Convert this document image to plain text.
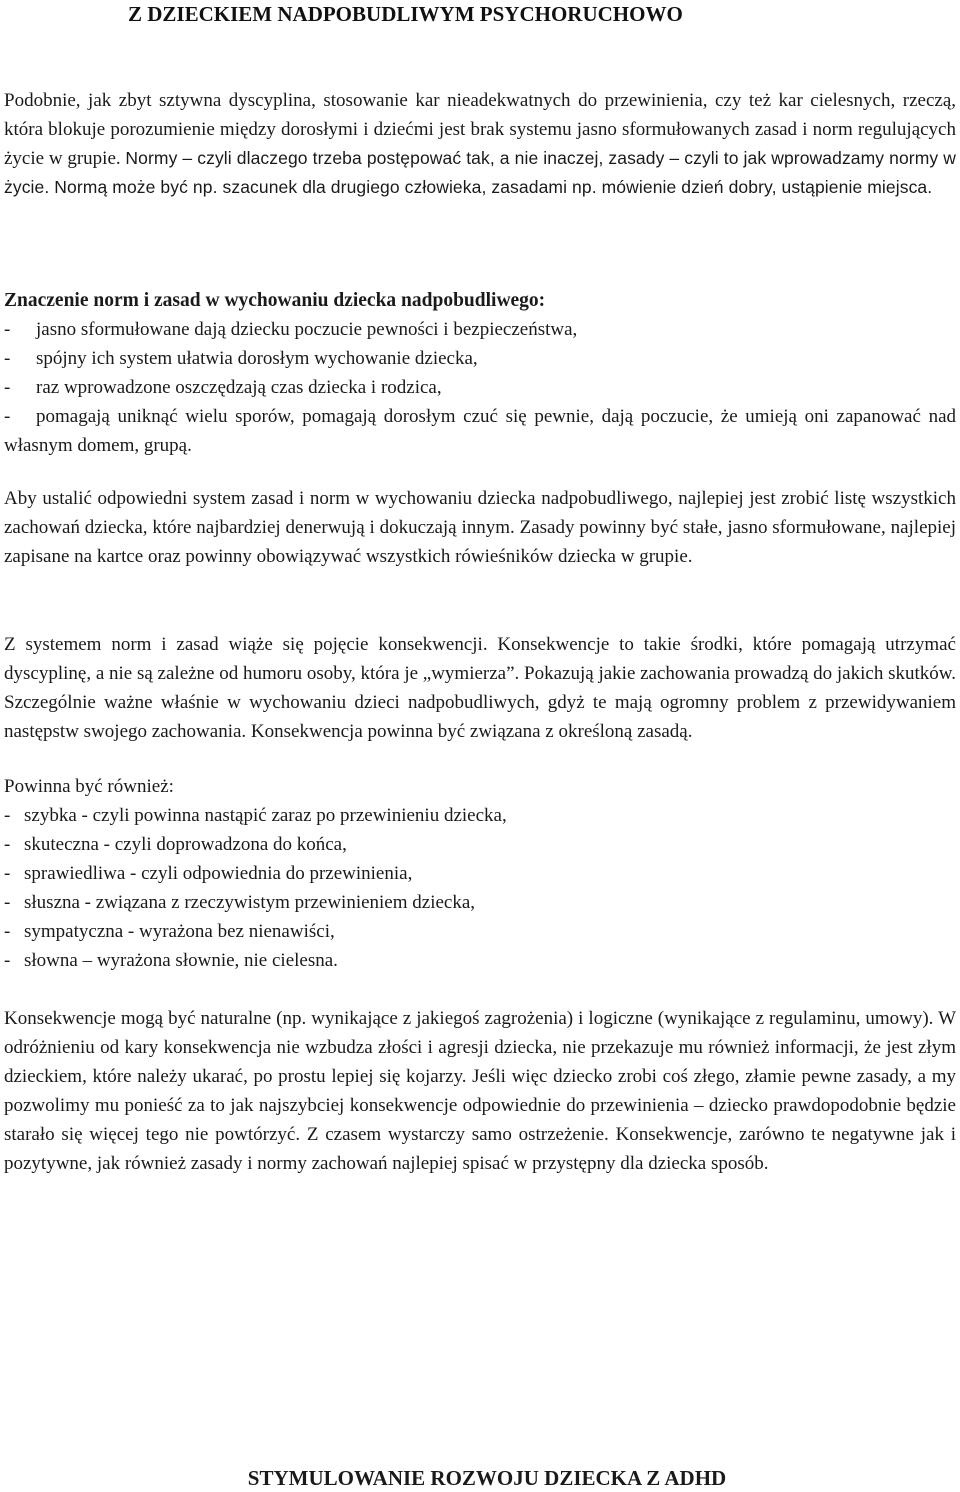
Z DZIECKIEM NADPOBUDLIWYM PSYCHORUCHOWO

Podobnie, jak zbyt sztywna dyscyplina, stosowanie kar nieadekwatnych do przewinienia, czy też kar cielesnych, rzeczą, która blokuje porozumienie między dorosłymi i dziećmi jest brak systemu jasno sformułowanych zasad i norm regulujących życie w grupie. Normy – czyli dlaczego trzeba postępować tak, a nie inaczej, zasady – czyli to jak wprowadzamy normy w życie. Normą może być np. szacunek dla drugiego człowieka, zasadami np. mówienie dzień dobry, ustąpienie miejsca.

Znaczenie norm i zasad w wychowaniu dziecka nadpobudliwego:
- jasno sformułowane dają dziecku poczucie pewności i bezpieczeństwa,
- spójny ich system ułatwia dorosłym wychowanie dziecka,
- raz wprowadzone oszczędzają czas dziecka i rodzica,
- pomagają uniknąć wielu sporów, pomagają dorosłym czuć się pewnie, dają poczucie, że umieją oni zapanować nad własnym domem, grupą.

Aby ustalić odpowiedni system zasad i norm w wychowaniu dziecka nadpobudliwego, najlepiej jest zrobić listę wszystkich zachowań dziecka, które najbardziej denerwują i dokuczają innym. Zasady powinny być stałe, jasno sformułowane, najlepiej zapisane na kartce oraz powinny obowiązywać wszystkich rówieśników dziecka w grupie.

Z systemem norm i zasad wiąże się pojęcie konsekwencji. Konsekwencje to takie środki, które pomagają utrzymać dyscyplinę, a nie są zależne od humoru osoby, która je „wymierza”. Pokazują jakie zachowania prowadzą do jakich skutków. Szczególnie ważne właśnie w wychowaniu dzieci nadpobudliwych, gdyż te mają ogromny problem z przewidywaniem następstw swojego zachowania. Konsekwencja powinna być związana z określoną zasadą.

Powinna być również:
- szybka - czyli powinna nastąpić zaraz po przewinieniu dziecka,
- skuteczna - czyli doprowadzona do końca,
- sprawiedliwa - czyli odpowiednia do przewinienia,
- słuszna - związana z rzeczywistym przewinieniem dziecka,
- sympatyczna - wyrażona bez nienawiści,
- słowna – wyrażona słownie, nie cielesna.

Konsekwencje mogą być naturalne (np. wynikające z jakiegoś zagrożenia) i logiczne (wynikające z regulaminu, umowy). W odróżnieniu od kary konsekwencja nie wzbudza złości i agresji dziecka, nie przekazuje mu również informacji, że jest złym dzieckiem, które należy ukarać, po prostu lepiej się kojarzy. Jeśli więc dziecko zrobi coś złego, złamie pewne zasady, a my pozwolimy mu ponieść za to jak najszybciej konsekwencje odpowiednie do przewinienia – dziecko prawdopodobnie będzie starało się więcej tego nie powtórzyć. Z czasem wystarczy samo ostrzeżenie. Konsekwencje, zarówno te negatywne jak i pozytywne, jak również zasady i normy zachowań najlepiej spisać w przystępny dla dziecka sposób.

STYMULOWANIE ROZWOJU DZIECKA Z ADHD
